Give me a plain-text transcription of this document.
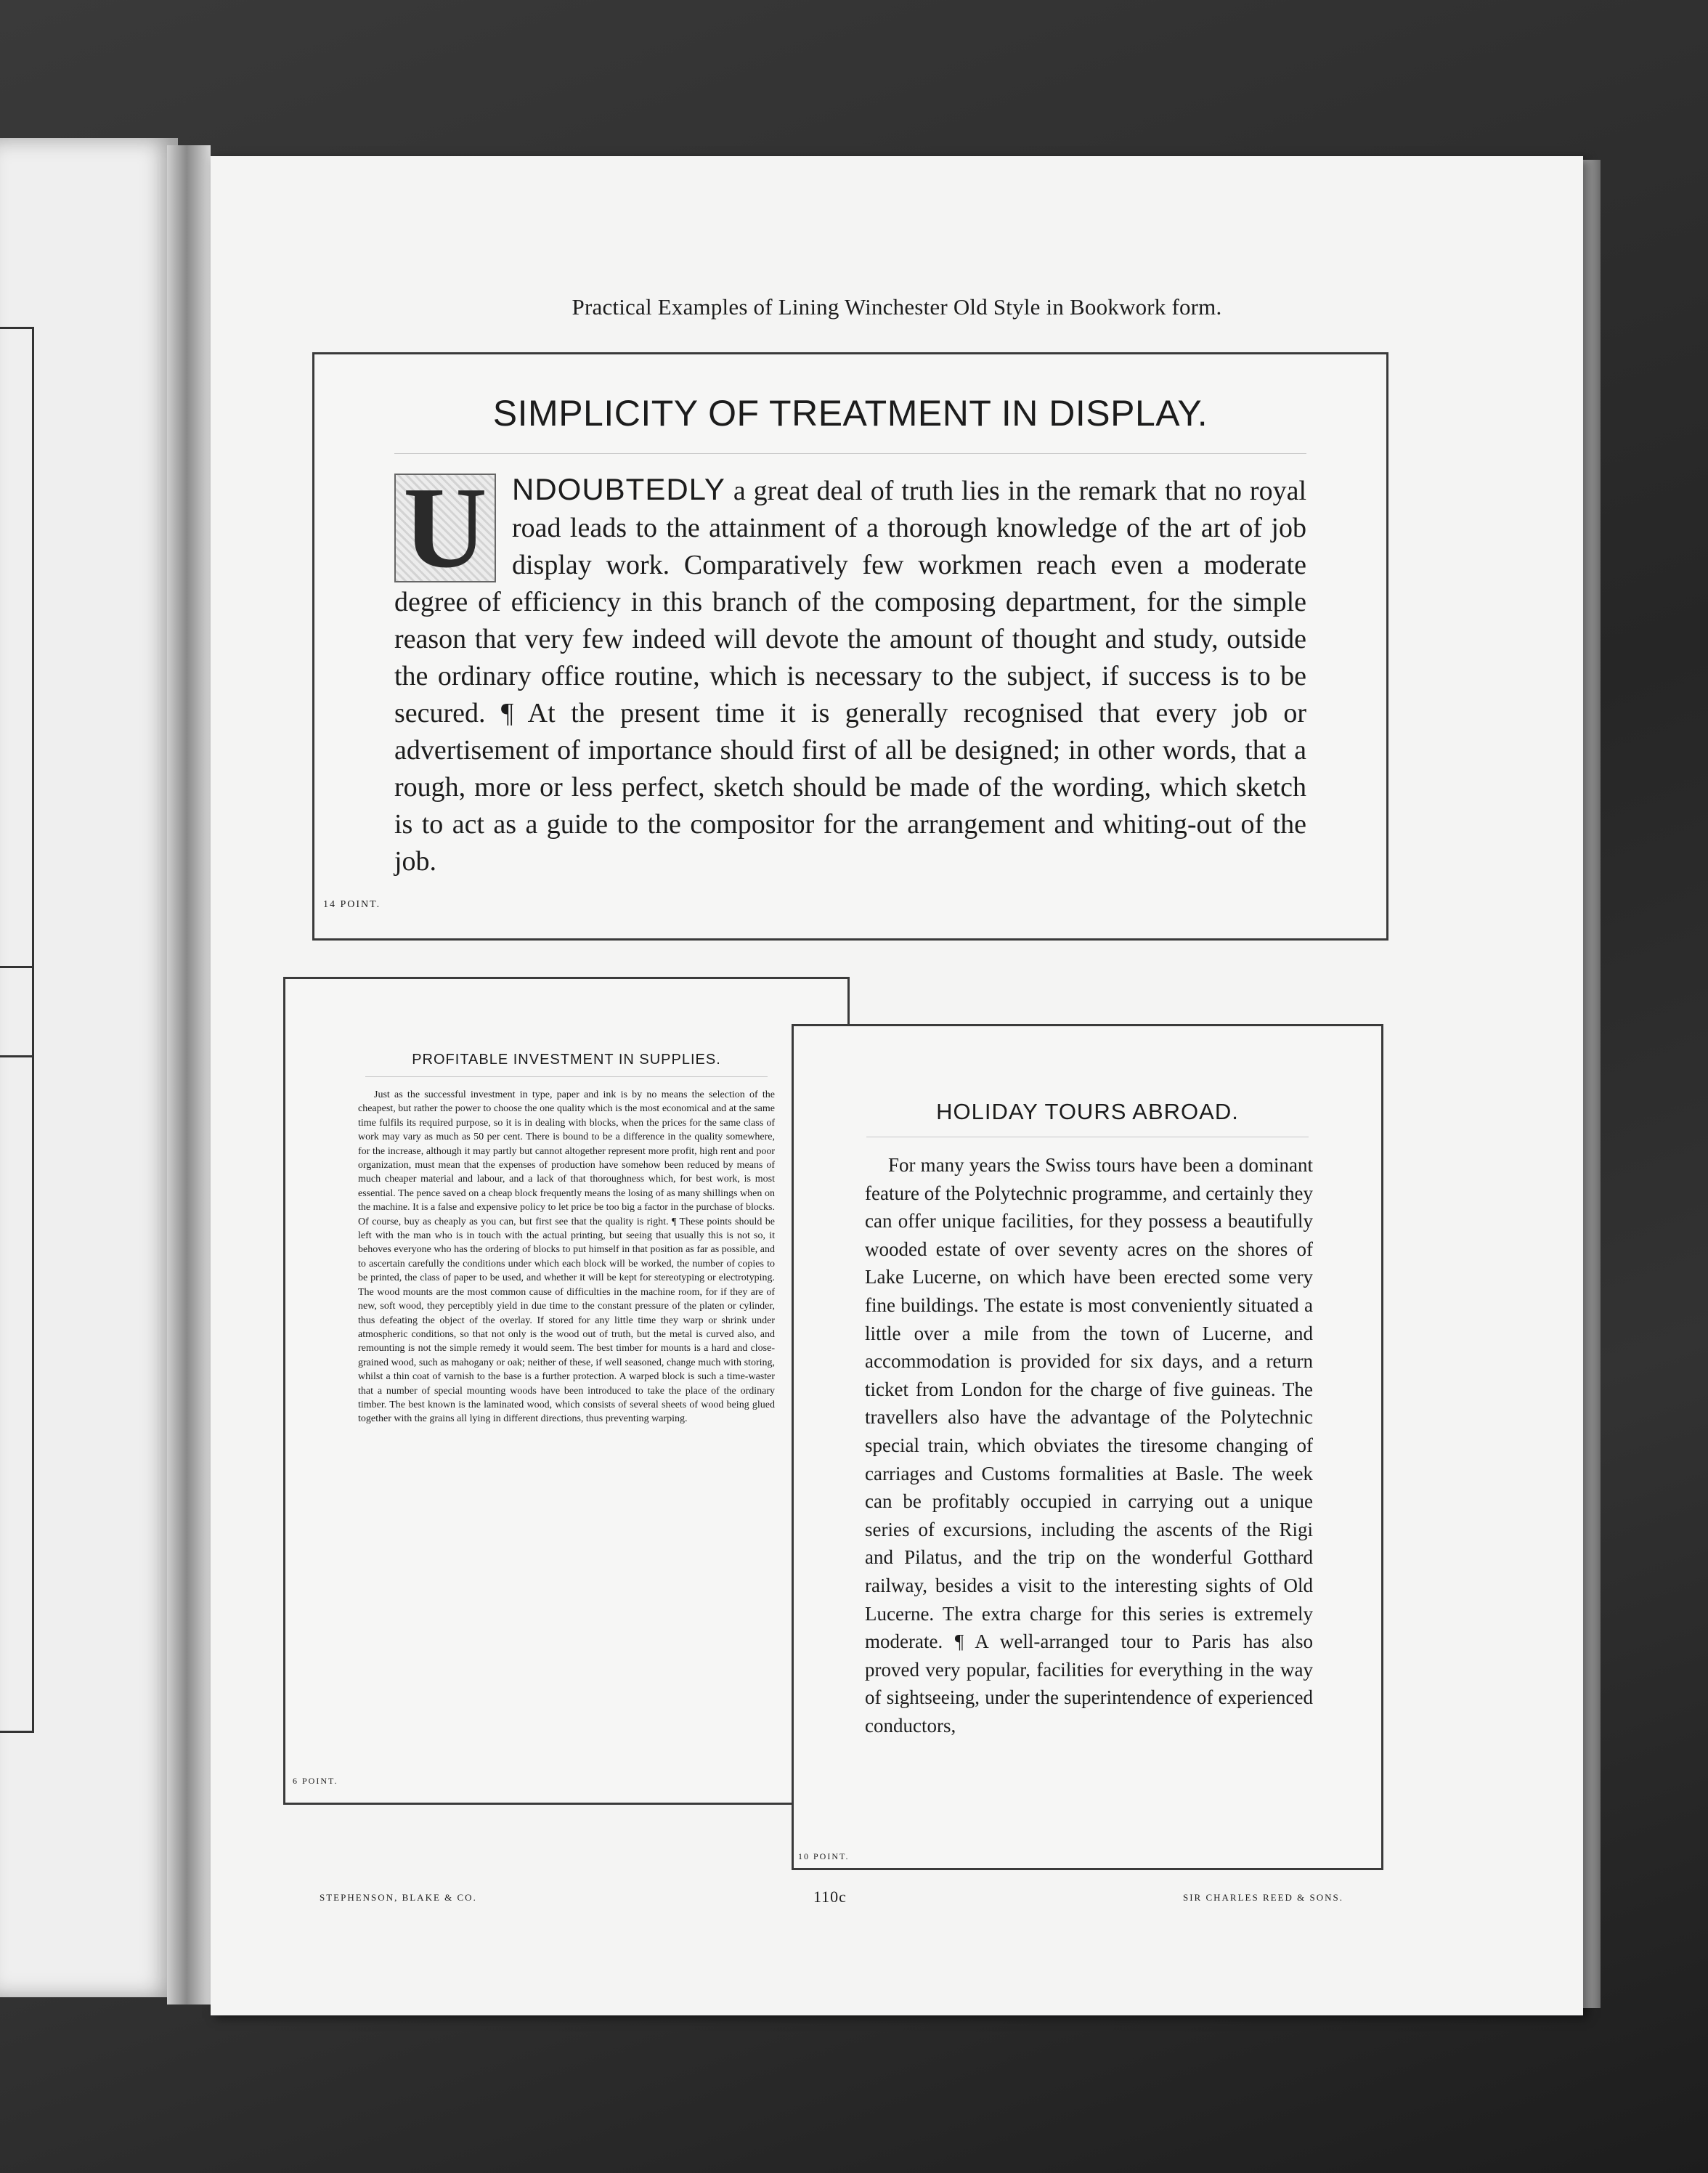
Practical Examples of Lining Winchester Old Style in Bookwork form.
SIMPLICITY OF TREATMENT IN DISPLAY.
U NDOUBTEDLY a great deal of truth lies in the remark that no royal road leads to the attainment of a thorough knowledge of the art of job display work. Comparatively few workmen reach even a moderate degree of efficiency in this branch of the composing department, for the simple reason that very few indeed will devote the amount of thought and study, outside the ordinary office routine, which is necessary to the subject, if success is to be secured. ¶ At the present time it is generally recognised that every job or advertisement of importance should first of all be designed; in other words, that a rough, more or less perfect, sketch should be made of the wording, which sketch is to act as a guide to the compositor for the arrangement and whiting-out of the job.
14 POINT.
PROFITABLE INVESTMENT IN SUPPLIES.
Just as the successful investment in type, paper and ink is by no means the selection of the cheapest, but rather the power to choose the one quality which is the most economical and at the same time fulfils its required purpose, so it is in dealing with blocks, when the prices for the same class of work may vary as much as 50 per cent. There is bound to be a difference in the quality somewhere, for the increase, although it may partly but cannot altogether represent more profit, high rent and poor organization, must mean that the expenses of production have somehow been reduced by means of much cheaper material and labour, and a lack of that thoroughness which, for best work, is most essential. The pence saved on a cheap block frequently means the losing of as many shillings when on the machine. It is a false and expensive policy to let price be too big a factor in the purchase of blocks. Of course, buy as cheaply as you can, but first see that the quality is right. ¶ These points should be left with the man who is in touch with the actual printing, but seeing that usually this is not so, it behoves everyone who has the ordering of blocks to put himself in that position as far as possible, and to ascertain carefully the conditions under which each block will be worked, the number of copies to be printed, the class of paper to be used, and whether it will be kept for stereotyping or electrotyping. The wood mounts are the most common cause of difficulties in the machine room, for if they are of new, soft wood, they perceptibly yield in due time to the constant pressure of the platen or cylinder, thus defeating the object of the overlay. If stored for any little time they warp or shrink under atmospheric conditions, so that not only is the wood out of truth, but the metal is curved also, and remounting is not the simple remedy it would seem. The best timber for mounts is a hard and close-grained wood, such as mahogany or oak; neither of these, if well seasoned, change much with storing, whilst a thin coat of varnish to the base is a further protection. A warped block is such a time-waster that a number of special mounting woods have been introduced to take the place of the ordinary timber. The best known is the laminated wood, which consists of several sheets of wood being glued together with the grains all lying in different directions, thus preventing warping.
6 POINT.
HOLIDAY TOURS ABROAD.
For many years the Swiss tours have been a dominant feature of the Polytechnic programme, and certainly they can offer unique facilities, for they possess a beautifully wooded estate of over seventy acres on the shores of Lake Lucerne, on which have been erected some very fine buildings. The estate is most conveniently situated a little over a mile from the town of Lucerne, and accommodation is provided for six days, and a return ticket from London for the charge of five guineas. The travellers also have the advantage of the Polytechnic special train, which obviates the tiresome changing of carriages and Customs formalities at Basle. The week can be profitably occupied in carrying out a unique series of excursions, including the ascents of the Rigi and Pilatus, and the trip on the wonderful Gotthard railway, besides a visit to the interesting sights of Old Lucerne. The extra charge for this series is extremely moderate. ¶ A well-arranged tour to Paris has also proved very popular, facilities for everything in the way of sightseeing, under the superintendence of experienced conductors,
10 POINT.
STEPHENSON, BLAKE & CO.	110c	SIR CHARLES REED & SONS.
